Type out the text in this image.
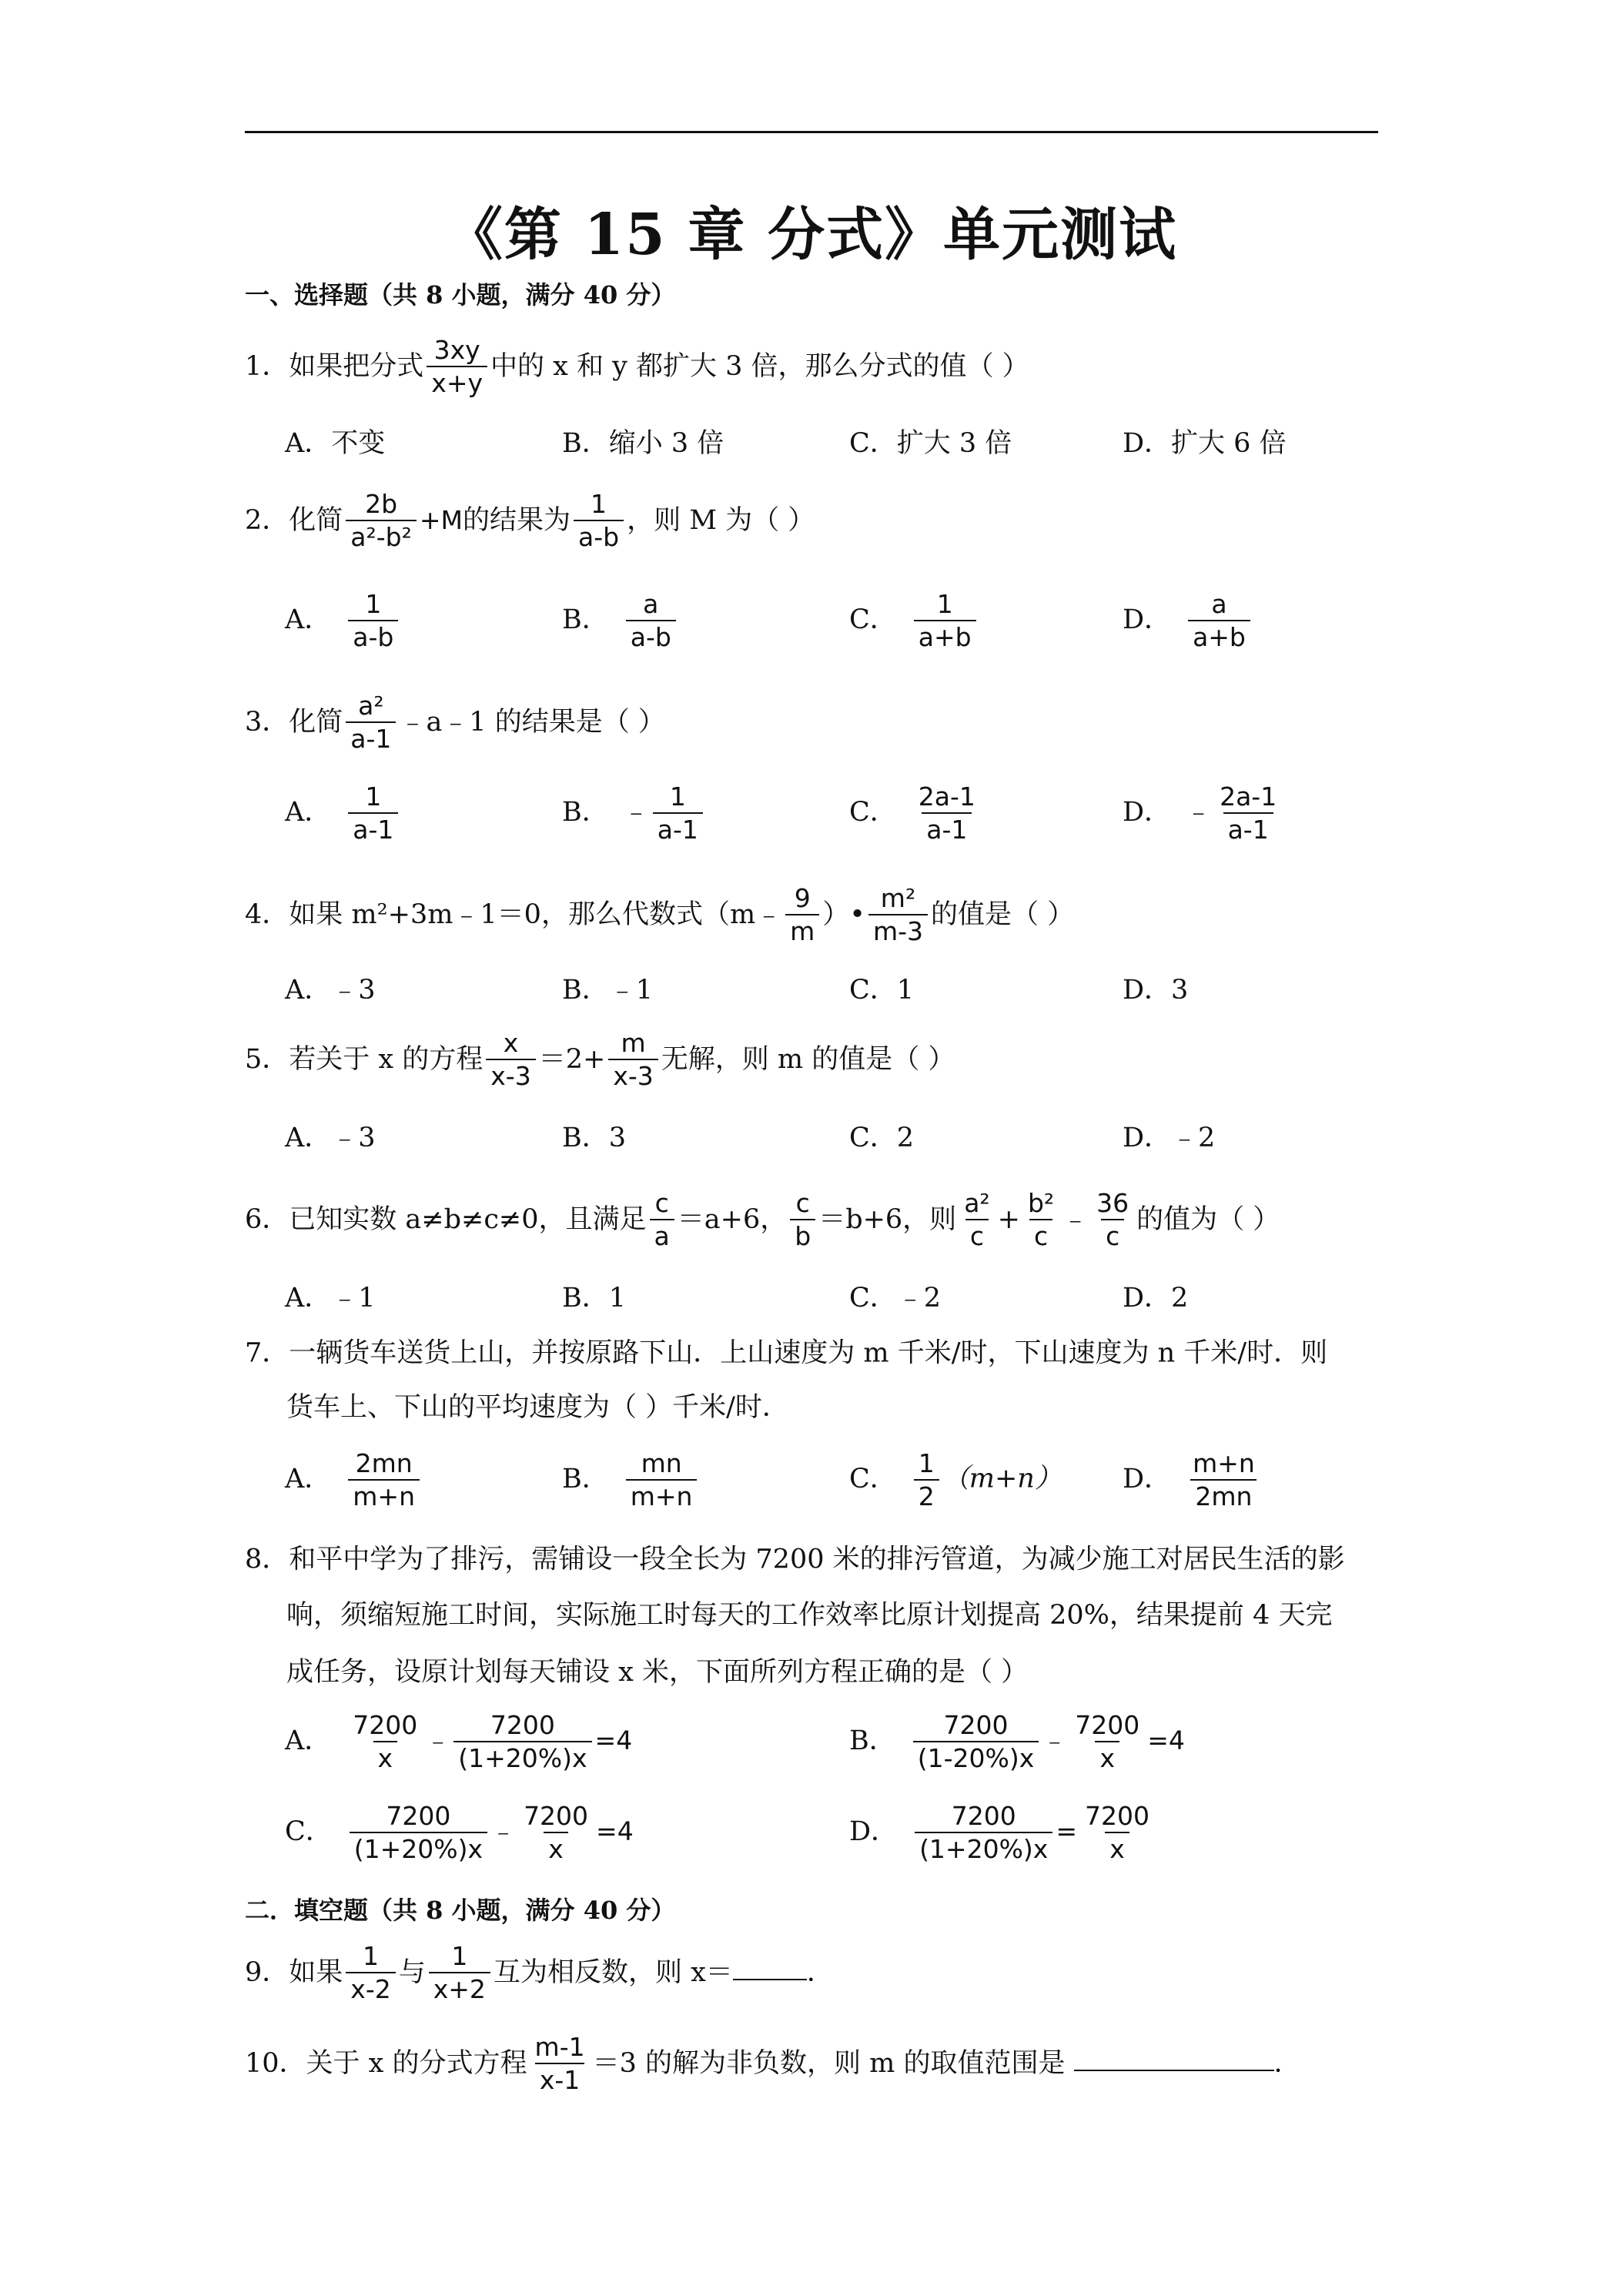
《第 15 章 分式》单元测试
一、选择题（共 8 小题，满分 40 分）
1．如果把分式 $\frac{3xy}{x+y}$ 中的 x 和 y 都扩大 3 倍，那么分式的值（ ）
A．不变	B．缩小 3 倍	C．扩大 3 倍	D．扩大 6 倍
2．化简 $\frac{2b}{\text{a²-b²}} +M$的结果为 $\frac{1}{a-b}$ ，则 M 为（ ）
A． $\frac{1}{a-b}$	B． $\frac{a}{a-b}$	C． $\frac{1}{a+b}$	D． $\frac{a}{a+b}$
3．化简 $\frac{\text{a²}}{a-1}$ ﹣a﹣1 的结果是（ ）
A． $\frac{1}{a-1}$	B． ﹣ $\frac{1}{a-1}$	C． $\frac{2a-1}{a-1}$	D． ﹣ $\frac{2a-1}{a-1}$
4．如果 m²+3m﹣1＝0，那么代数式（m﹣ $\frac{9}{m}$ ）• $\frac{\text{m²}}{m-3}$ 的值是（ ）
A．﹣3	B．﹣1	C．1	D．3
5．若关于 x 的方程 $\frac{x}{x-3} =2+ \frac{m}{x-3}$ 无解，则 m 的值是（ ）
A．﹣3	B．3	C．2	D．﹣2
6．已知实数 a≠b≠c≠0，且满足 $\frac{c}{a} =a+6$， $\frac{c}{b} =b+6$，则 $\frac{\text{a²}}{c} + \frac{\text{b²}}{c}$ ﹣ $\frac{36}{c}$ 的值为（ ）
A．﹣1	B．1	C．﹣2	D．2
7．一辆货车送货上山，并按原路下山．上山速度为 m 千米/时，下山速度为 n 千米/时．则
货车上、下山的平均速度为（ ）千米/时．
A． $\frac{2mn}{m+n}$	B． $\frac{mn}{m+n}$	C． $\frac{1}{2} (m+n)$ D． $\frac{m+n}{2mn}$
8．和平中学为了排污，需铺设一段全长为 7200 米的排污管道，为减少施工对居民生活的影
响，须缩短施工时间，实际施工时每天的工作效率比原计划提高 20%，结果提前 4 天完
成任务，设原计划每天铺设 x 米，下面所列方程正确的是（ ）
A． $\frac{7200}{x}$ ﹣ $\frac{7200}{(1+20\%)x} =4$	B． $\frac{7200}{(1-20\%)x}$ ﹣ $\frac{7200}{x} =4$
C． $\frac{7200}{(1+20\%)x}$ ﹣ $\frac{7200}{x} =4$	D． $\frac{7200}{(1+20\%)x} = \frac{7200}{x}$
二．填空题（共 8 小题，满分 40 分）
9．如果 $\frac{1}{x-2}$ 与 $\frac{1}{x+2}$ 互为相反数，则 x＝	．
10．关于 x 的分式方程 $\frac{m-1}{x-1} =3$ 的解为非负数，则 m 的取值范围是	．
